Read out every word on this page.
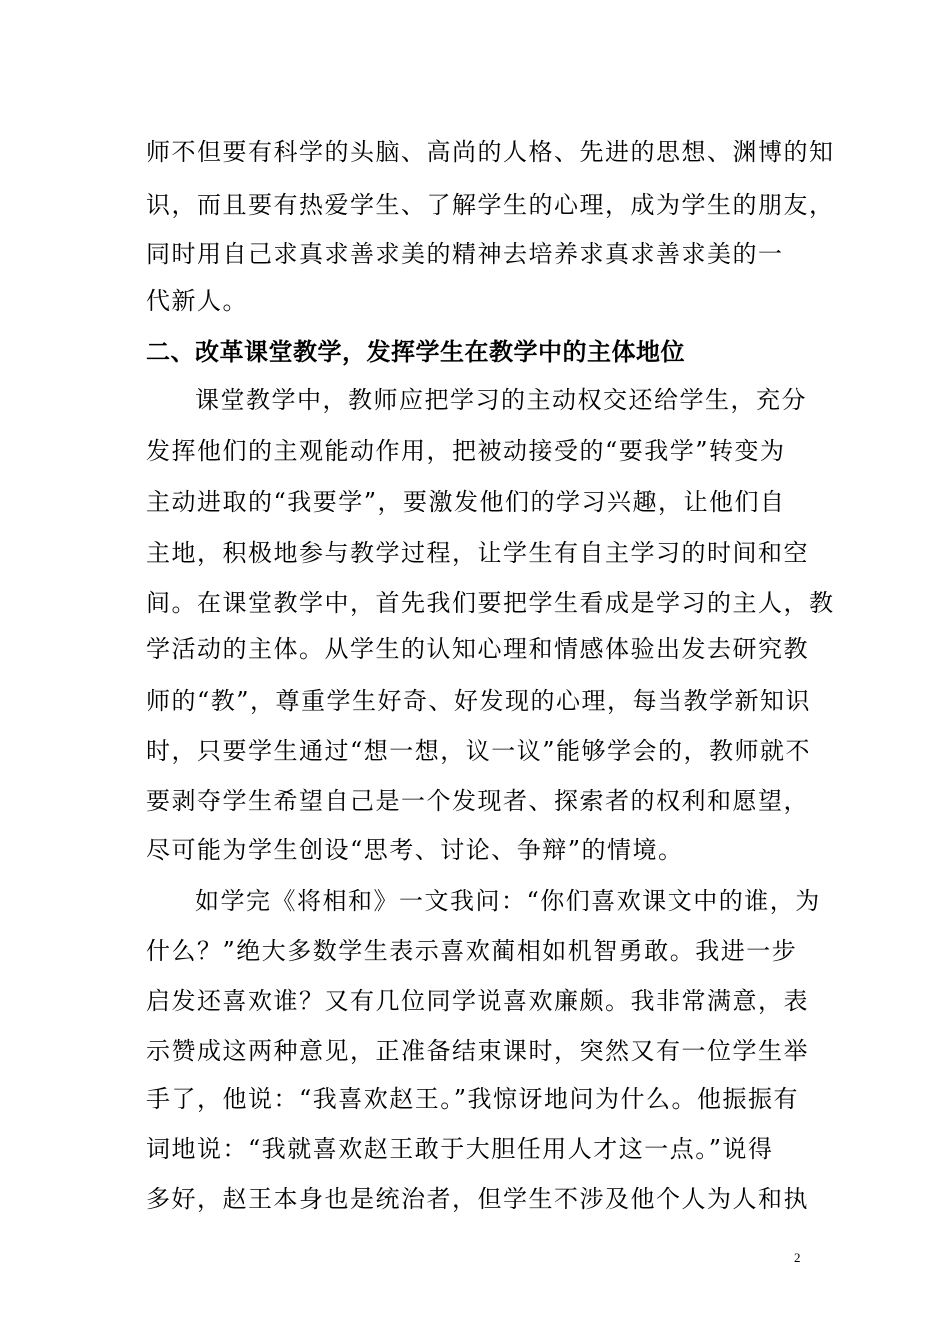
师不但要有科学的头脑、高尚的人格、先进的思想、渊博的知
识，而且要有热爱学生、了解学生的心理，成为学生的朋友，
同时用自己求真求善求美的精神去培养求真求善求美的一
代新人。
二、改革课堂教学，发挥学生在教学中的主体地位
课堂教学中，教师应把学习的主动权交还给学生，充分
发挥他们的主观能动作用，把被动接受的“要我学”转变为
主动进取的“我要学”，要激发他们的学习兴趣，让他们自
主地，积极地参与教学过程，让学生有自主学习的时间和空
间。在课堂教学中，首先我们要把学生看成是学习的主人，教
学活动的主体。从学生的认知心理和情感体验出发去研究教
师的“教”，尊重学生好奇、好发现的心理，每当教学新知识
时，只要学生通过“想一想，议一议”能够学会的，教师就不
要剥夺学生希望自己是一个发现者、探索者的权利和愿望，
尽可能为学生创设“思考、讨论、争辩”的情境。
如学完《将相和》一文我问：“你们喜欢课文中的谁，为
什么？”绝大多数学生表示喜欢蔺相如机智勇敢。我进一步
启发还喜欢谁？又有几位同学说喜欢廉颇。我非常满意，表
示赞成这两种意见，正准备结束课时，突然又有一位学生举
手了，他说：“我喜欢赵王。”我惊讶地问为什么。他振振有
词地说：“我就喜欢赵王敢于大胆任用人才这一点。”说得
多好，赵王本身也是统治者，但学生不涉及他个人为人和执
2
